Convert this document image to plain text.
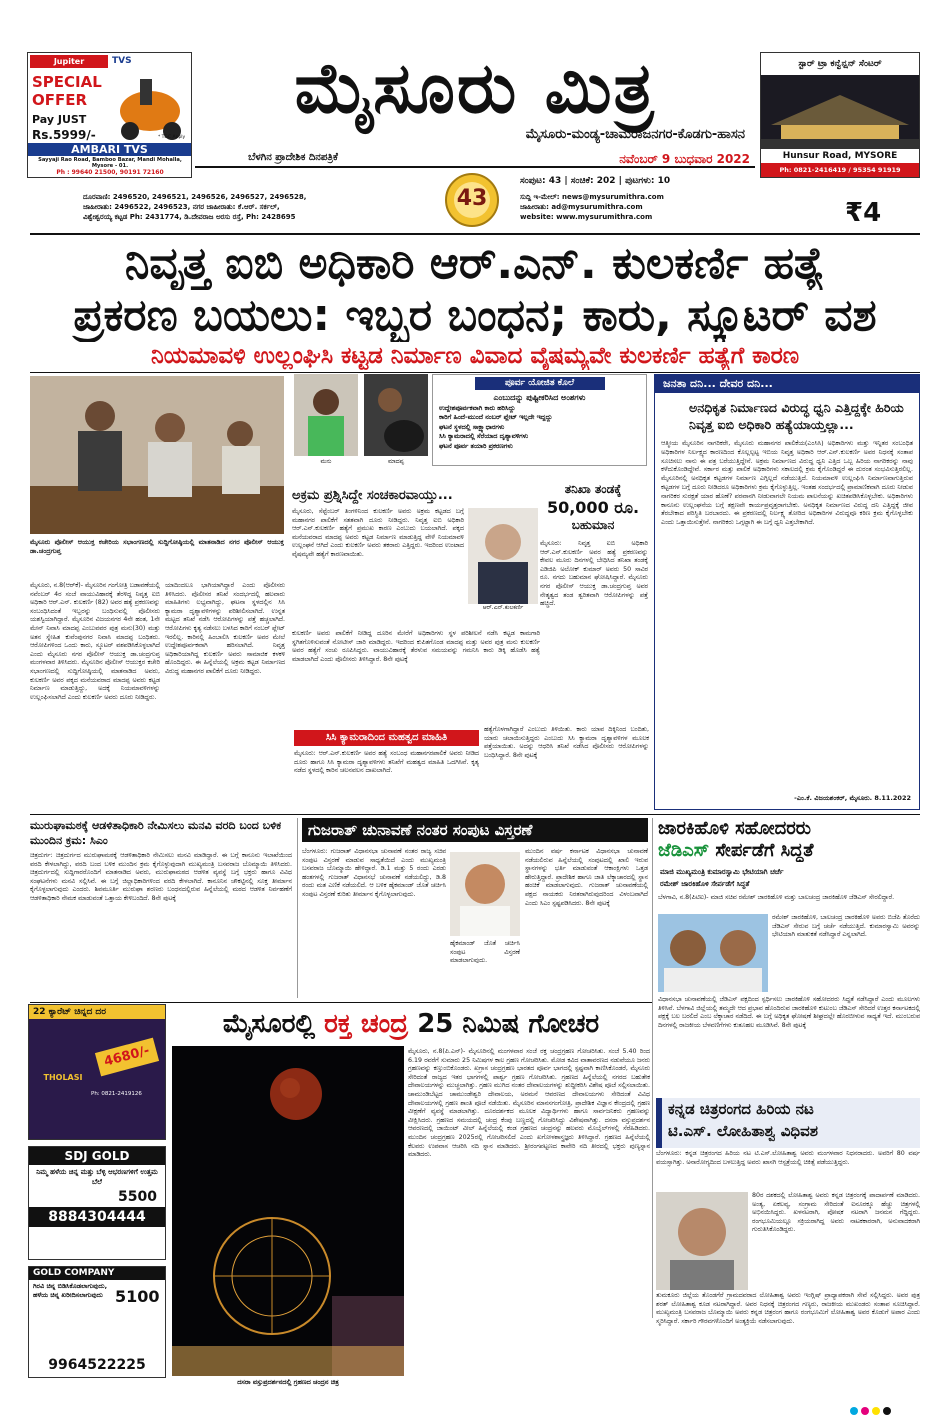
Jupiter	TVS
SPECIAL
OFFER
Pay JUST
Rs.5999/-	* T&C Apply
AMBARI TVS
Sayyaji Rao Road, Bamboo Bazar, Mandi Mohalla, Mysore - 01.
Ph : 99640 21500, 90191 72160
ಸ್ಟಾರ್ ಟ್ರಾ ಕನ್ವೆನ್ಷನ್ ಸೆಂಟರ್
Hunsur Road, MYSORE
Ph: 0821-2416419 / 95354 91919
ಮೈಸೂರು ಮಿತ್ರ
ಮೈಸೂರು-ಮಂಡ್ಯ-ಚಾಮರಾಜನಗರ-ಕೊಡಗು-ಹಾಸನ
ಬೆಳಗಿನ ಪ್ರಾದೇಶಿಕ ದಿನಪತ್ರಿಕೆ	ನವೆಂಬರ್ 9 ಬುಧವಾರ 2022
43
ದೂರವಾಣಿ: 2496520, 2496521, 2496526, 2496527, 2496528,
ಜಾಹೀರಾತು: 2496522, 2496523, ನಗರ ಜಾಹೀರಾತು: ಕೆ.ಆರ್. ಸರ್ಕಲ್,
ವಿಶ್ವೇಶ್ವರಯ್ಯ ಕಟ್ಟಡ Ph: 2431774, ಡಿ.ದೇವರಾಜ ಅರಸು ರಸ್ತೆ, Ph: 2428695
ಸಂಪುಟ: 43 | ಸಂಚಿಕೆ: 202 | ಪುಟಗಳು: 10
ಸುದ್ದಿ ಇ-ಮೇಲ್: news@mysurumithra.com
ಜಾಹೀರಾತು: ad@mysurumithra.com
website: www.mysurumithra.com	₹4
ನಿವೃತ್ತ ಐಬಿ ಅಧಿಕಾರಿ ಆರ್.ಎನ್. ಕುಲಕರ್ಣಿ ಹತ್ಯೆ
ಪ್ರಕರಣ ಬಯಲು: ಇಬ್ಬರ ಬಂಧನ; ಕಾರು, ಸ್ಕೂಟರ್ ವಶ
ನಿಯಮಾವಳಿ ಉಲ್ಲಂಘಿಸಿ ಕಟ್ಟಡ ನಿರ್ಮಾಣ ವಿವಾದ ವೈಷಮ್ಯವೇ ಕುಲಕರ್ಣಿ ಹತ್ಯೆಗೆ ಕಾರಣ
ಮೈಸೂರು ಪೊಲೀಸ್ ಆಯುಕ್ತ ಕಚೇರಿಯ ಸಭಾಂಗಣದಲ್ಲಿ ಸುದ್ದಿಗೋಷ್ಠಿಯಲ್ಲಿ ಮಾತನಾಡಿದ ನಗರ ಪೊಲೀಸ್ ಆಯುಕ್ತ ಡಾ.ಚಂದ್ರಗುಪ್ತ
ಮನು	ಮಾದಪ್ಪ
ಪೂರ್ವ ಯೋಜಿತ ಕೊಲೆ
ಎಂಬುದನ್ನು ಪುಷ್ಟೀಕರಿಸಿದ ಅಂಶಗಳು
ಉದ್ದೇಶಪೂರ್ವಕವಾಗಿ ಕಾರು ಹರಿಸಿದ್ದು
ಕಾರಿಗೆ ಹಿಂದೆ-ಮುಂದೆ ನಂಬರ್ ಪ್ಲೇಟ್ ಇಲ್ಲದೇ ಇದ್ದದ್ದು
ಘಟನೆ ಸ್ಥಳದಲ್ಲಿ ಸಾಕ್ಷ್ಯಾಧಾರಗಳು
ಸಿಸಿ ಕ್ಯಾಮರಾದಲ್ಲಿ ಸೆರೆಯಾದ ದೃಶ್ಯಾವಳಿಗಳು
ಘಟನೆ ಪೂರ್ವ ತಯಾರಿ ಪ್ರಕರಣಗಳು
ಅಕ್ರಮ ಪ್ರಶ್ನಿಸಿದ್ದೇ ಸಂಚಕಾರವಾಯ್ತು...	ತನಿಖಾ ತಂಡಕ್ಕೆ
50,000 ರೂ.
ಬಹುಮಾನ
ಆರ್.ಎನ್.ಕುಲಕರ್ಣಿ
ಮೈಸೂರು, ನ.8(ಆರ್‌ಕೆ)- ಮೈಸೂರಿನ ಗಂಗೋತ್ರಿ ಬಡಾವಣೆಯಲ್ಲಿ ನವೆಂಬರ್ 4ರ ಸಂಜೆ ವಾಯುವಿಹಾರಕ್ಕೆ ತೆರಳಿದ್ದ ನಿವೃತ್ತ ಐಬಿ ಅಧಿಕಾರಿ ಆರ್.ಎನ್. ಕುಲಕರ್ಣಿ (82) ಅವರ ಹತ್ಯೆ ಪ್ರಕರಣವನ್ನು ಸಂಬಂಧಿಸಿದಂತೆ ಇಬ್ಬರನ್ನು ಬಂಧಿಸುವಲ್ಲಿ ಪೊಲೀಸರು ಯಶಸ್ವಿಯಾಗಿದ್ದಾರೆ. ಮೈಸೂರಿನ ವಿಜಯನಗರ 4ನೇ ಹಂತ, 1ನೇ ಮೇನ್ ನಿವಾಸಿ ಮಾದಪ್ಪ ಎಂಬುವವರ ಪುತ್ರ ಮನು(30) ಮತ್ತು ಅತನ ಸ್ನೇಹಿತ ಕುವೆಂಪುನಗರ ನಿವಾಸಿ ಮಾದಪ್ಪ ಬಂಧಿತರು. ಆರೋಪಿಗಳಿಂದ ಒಂದು ಕಾರು, ಸ್ಕೂಟರ್ ವಶಪಡಿಸಿಕೊಳ್ಳಲಾಗಿದೆ ಎಂದು ಮೈಸೂರು ನಗರ ಪೊಲೀಸ್ ಆಯುಕ್ತ ಡಾ.ಚಂದ್ರಗುಪ್ತ ಮಂಗಳವಾರ ತಿಳಿಸಿದರು. ಮೈಸೂರಿನ ಪೊಲೀಸ್ ಆಯುಕ್ತರ ಕಚೇರಿ ಸಭಾಂಗಣದಲ್ಲಿ ಸುದ್ದಿಗೋಷ್ಠಿಯಲ್ಲಿ ಮಾತನಾಡಿದ ಅವರು, ಕುಲಕರ್ಣಿ ಅವರ ಪಕ್ಕದ ಮನೆಯವರಾದ ಮಾದಪ್ಪ ಅವರು ಕಟ್ಟಡ ನಿರ್ಮಾಣ ಮಾಡುತ್ತಿದ್ದು, ಅದಕ್ಕೆ ನಿಯಮಾವಳಿಗಳನ್ನು ಉಲ್ಲಂಘಿಸಲಾಗಿದೆ ಎಂದು ಕುಲಕರ್ಣಿ ಅವರು ದೂರು ನೀಡಿದ್ದರು.
ಯಾದಿಂದಲೂ ಭಾಗಿಯಾಗಿದ್ದಾರೆ ಎಂದು ಪೊಲೀಸರು ತಿಳಿಸಿದರು. ಪೊಲೀಸರ ತನಿಖೆ ಸಂದರ್ಭದಲ್ಲಿ ಹಲವಾರು ಮಾಹಿತಿಗಳು ಲಭ್ಯವಾಗಿದ್ದು, ಘಟನಾ ಸ್ಥಳದಲ್ಲಿನ ಸಿಸಿ ಕ್ಯಾಮರಾ ದೃಶ್ಯಾವಳಿಗಳನ್ನು ಪರಿಶೀಲಿಸಲಾಗಿದೆ. ಉನ್ನತ ಮಟ್ಟದ ತನಿಖೆ ನಡೆಸಿ ಆರೋಪಿಗಳನ್ನು ಪತ್ತೆ ಹಚ್ಚಲಾಗಿದೆ. ಆರೋಪಿಗಳು ಕೃತ್ಯ ನಡೆಸಲು ಬಳಸಿದ ಕಾರಿಗೆ ನಂಬರ್ ಪ್ಲೇಟ್ ಇರಲಿಲ್ಲ. ಕಾರಿನಲ್ಲಿ ಹಿಂಬಾಲಿಸಿ ಕುಲಕರ್ಣಿ ಅವರ ಮೇಲೆ ಉದ್ದೇಶಪೂರ್ವಕವಾಗಿ ಹರಿಸಲಾಗಿದೆ. ನಿವೃತ್ತ ಅಧಿಕಾರಿಯಾಗಿದ್ದ ಕುಲಕರ್ಣಿ ಅವರು ಸಾಮಾಜಿಕ ಕಳಕಳಿ ಹೊಂದಿದ್ದರು. ಈ ಹಿನ್ನೆಲೆಯಲ್ಲಿ ಅಕ್ರಮ ಕಟ್ಟಡ ನಿರ್ಮಾಣದ ವಿರುದ್ಧ ಮಹಾನಗರ ಪಾಲಿಕೆಗೆ ದೂರು ನೀಡಿದ್ದರು.
ಮೈಸೂರು, ಸೆಪ್ಟೆಂಬರ್ ತಿಂಗಳಿನಿಂದ ಕುಲಕರ್ಣಿ ಅವರು ಅಕ್ರಮ ಕಟ್ಟಡದ ಬಗ್ಗೆ ಮಹಾನಗರ ಪಾಲಿಕೆಗೆ ಸತತವಾಗಿ ದೂರು ನೀಡಿದ್ದರು. ನಿವೃತ್ತ ಐಬಿ ಅಧಿಕಾರಿ ಆರ್.ಎನ್.ಕುಲಕರ್ಣಿ ಹತ್ಯೆಗೆ ಪ್ರಮುಖ ಕಾರಣ ಎಂಬುದು ಬಯಲಾಗಿದೆ. ಪಕ್ಕದ ಮನೆಯವರಾದ ಮಾದಪ್ಪ ಅವರು ಕಟ್ಟಡ ನಿರ್ಮಾಣ ಮಾಡುತ್ತಿದ್ದ ವೇಳೆ ನಿಯಮಾವಳಿ ಉಲ್ಲಂಘನೆ ಆಗಿದೆ ಎಂದು ಕುಲಕರ್ಣಿ ಅವರು ತಕರಾರು ಎತ್ತಿದ್ದರು. ಇದರಿಂದ ಉಂಟಾದ ವೈಷಮ್ಯವೇ ಹತ್ಯೆಗೆ ಕಾರಣವಾಯಿತು.
ಮೈಸೂರು: ನಿವೃತ್ತ ಐಬಿ ಅಧಿಕಾರಿ ಆರ್.ಎನ್.ಕುಲಕರ್ಣಿ ಅವರ ಹತ್ಯೆ ಪ್ರಕರಣವನ್ನು ಕೇವಲ ಮೂರು ದಿನಗಳಲ್ಲಿ ಬೇಧಿಸಿದ ತನಿಖಾ ತಂಡಕ್ಕೆ ಎಡಿಜಿಪಿ ಅಲೋಕ್ ಕುಮಾರ್ ಅವರು 50 ಸಾವಿರ ರೂ. ನಗದು ಬಹುಮಾನ ಘೋಷಿಸಿದ್ದಾರೆ. ಮೈಸೂರು ನಗರ ಪೊಲೀಸ್ ಆಯುಕ್ತ ಡಾ.ಚಂದ್ರಗುಪ್ತ ಅವರ ನೇತೃತ್ವದ ತಂಡ ತ್ವರಿತವಾಗಿ ಆರೋಪಿಗಳನ್ನು ಪತ್ತೆ ಹಚ್ಚಿದೆ.
ಕುಲಕರ್ಣಿ ಅವರು ಪಾಲಿಕೆಗೆ ನೀಡಿದ್ದ ದೂರಿನ ಮೇರೆಗೆ ಅಧಿಕಾರಿಗಳು ಸ್ಥಳ ಪರಿಶೀಲನೆ ನಡೆಸಿ ಕಟ್ಟಡ ಕಾಮಗಾರಿ ಸ್ಥಗಿತಗೊಳಿಸುವಂತೆ ನೋಟೀಸ್ ಜಾರಿ ಮಾಡಿದ್ದರು. ಇದರಿಂದ ಕುಪಿತಗೊಂಡ ಮಾದಪ್ಪ ಮತ್ತು ಅವರ ಪುತ್ರ ಮನು ಕುಲಕರ್ಣಿ ಅವರ ಹತ್ಯೆಗೆ ಸಂಚು ರೂಪಿಸಿದ್ದರು. ವಾಯುವಿಹಾರಕ್ಕೆ ತೆರಳುವ ಸಮಯವನ್ನು ಗಮನಿಸಿ ಕಾರು ಡಿಕ್ಕಿ ಹೊಡೆಸಿ ಹತ್ಯೆ ಮಾಡಲಾಗಿದೆ ಎಂದು ಪೊಲೀಸರು ತಿಳಿಸಿದ್ದಾರೆ. 8ನೇ ಪುಟಕ್ಕೆ
ಸಿಸಿ ಕ್ಯಾಮರಾದಿಂದ ಮಹತ್ವದ ಮಾಹಿತಿ
ಮೈಸೂರು: ಆರ್.ಎನ್.ಕುಲಕರ್ಣಿ ಅವರ ಹತ್ಯೆ ಸಂಬಂಧ ಮಹಾನಗರಪಾಲಿಕೆ ಅವರು ನೀಡಿದ ದೂರು ಹಾಗೂ ಸಿಸಿ ಕ್ಯಾಮರಾ ದೃಶ್ಯಾವಳಿಗಳು ತನಿಖೆಗೆ ಮಹತ್ವದ ಮಾಹಿತಿ ಒದಗಿಸಿವೆ. ಕೃತ್ಯ ನಡೆದ ಸ್ಥಳದಲ್ಲಿ ಕಾರಿನ ಚಲನವಲನ ದಾಖಲಾಗಿದೆ.
ಹತ್ಯೆಗೊಳಗಾಗಿದ್ದಾರೆ ಎಂಬುದು ತಿಳಿಯಿತು. ಕಾರು ಯಾವ ದಿಕ್ಕಿನಿಂದ ಬಂದಿತು, ಯಾರು ಚಲಾಯಿಸುತ್ತಿದ್ದರು ಎಂಬುದು ಸಿಸಿ ಕ್ಯಾಮರಾ ದೃಶ್ಯಾವಳಿಗಳ ಮೂಲಕ ಪತ್ತೆಯಾಯಿತು. ಅದನ್ನು ಆಧರಿಸಿ ತನಿಖೆ ನಡೆಸಿದ ಪೊಲೀಸರು ಆರೋಪಿಗಳನ್ನು ಬಂಧಿಸಿದ್ದಾರೆ. 8ನೇ ಪುಟಕ್ಕೆ
ಜನತಾ ದನಿ... ದೇವರ ದನಿ...
ಅನಧಿಕೃತ ನಿರ್ಮಾಣದ ವಿರುದ್ಧ ಧ್ವನಿ ಎತ್ತಿದ್ದಕ್ಕೇ ಹಿರಿಯ ನಿವೃತ್ತ ಐಬಿ ಅಧಿಕಾರಿ ಹತ್ಯೆಯಾಯ್ತಲ್ಲಾ...
ಆತ್ಮೀಯ ಮೈಸೂರಿನ ನಾಗರಿಕರೇ, ಮೈಸೂರು ಮಹಾನಗರ ಪಾಲಿಕೆಯ(ಎಂಸಿಸಿ) ಅಧಿಕಾರಿಗಳು ಮತ್ತು ಇನ್ನಿತರ ಸಂಬಂಧಿತ ಅಧಿಕಾರಿಗಳ ನಿರ್ಲಕ್ಷ್ಯದ ಕಾರಣದಿಂದ ಕೊಲ್ಲಲ್ಪಟ್ಟ ಇಬಿಯ ನಿವೃತ್ತ ಅಧಿಕಾರಿ ಆರ್.ಎನ್.ಕುಲಕರ್ಣಿ ಅವರ ನಿಧನಕ್ಕೆ ಸಂತಾಪ ಸೂಚಿಸಲು ನಾನು ಈ ಪತ್ರ ಬರೆಯುತ್ತಿದ್ದೇನೆ. ಅಕ್ರಮ ನಿರ್ಮಾಣದ ವಿರುದ್ಧ ಧ್ವನಿ ಎತ್ತಿದ ಒಬ್ಬ ಹಿರಿಯ ನಾಗರಿಕರನ್ನು ನಾವು ಕಳೆದುಕೊಂಡಿದ್ದೇವೆ. ಸರ್ಕಾರ ಮತ್ತು ಪಾಲಿಕೆ ಅಧಿಕಾರಿಗಳು ಸಕಾಲದಲ್ಲಿ ಕ್ರಮ ಕೈಗೊಂಡಿದ್ದರೆ ಈ ದುರಂತ ಸಂಭವಿಸುತ್ತಿರಲಿಲ್ಲ. ಮೈಸೂರಿನಲ್ಲಿ ಅನಧಿಕೃತ ಕಟ್ಟಡಗಳ ನಿರ್ಮಾಣ ಎಗ್ಗಿಲ್ಲದೆ ನಡೆಯುತ್ತಿದೆ. ನಿಯಮಾವಳಿ ಉಲ್ಲಂಘಿಸಿ ನಿರ್ಮಾಣವಾಗುತ್ತಿರುವ ಕಟ್ಟಡಗಳ ಬಗ್ಗೆ ದೂರು ನೀಡಿದರೂ ಅಧಿಕಾರಿಗಳು ಕ್ರಮ ಕೈಗೊಳ್ಳುತ್ತಿಲ್ಲ. ಇಂತಹ ಸಂದರ್ಭದಲ್ಲಿ ಪ್ರಾಮಾಣಿಕವಾಗಿ ದೂರು ನೀಡುವ ನಾಗರಿಕರ ಸುರಕ್ಷತೆ ಯಾರ ಹೊಣೆ? ಪರವಾನಗಿ ನೀಡುವಾಗಲೇ ನಿಯಮ ಪಾಲನೆಯನ್ನು ಖಚಿತಪಡಿಸಿಕೊಳ್ಳಬೇಕು. ಅಧಿಕಾರಿಗಳು ಕಾನೂನು ಉಲ್ಲಂಘನೆಯ ಬಗ್ಗೆ ತಕ್ಷಣವೇ ಕಾರ್ಯಪ್ರವೃತ್ತರಾಗಬೇಕು. ಅನಧಿಕೃತ ನಿರ್ಮಾಣದ ವಿರುದ್ಧ ದನಿ ಎತ್ತಿದ್ದಕ್ಕೆ ಜೀವ ತೆರಬೇಕಾದ ಪರಿಸ್ಥಿತಿ ಬರಬಾರದು. ಈ ಪ್ರಕರಣದಲ್ಲಿ ನಿರ್ಲಕ್ಷ್ಯ ತೋರಿದ ಅಧಿಕಾರಿಗಳ ವಿರುದ್ಧವೂ ಕಠಿಣ ಕ್ರಮ ಕೈಗೊಳ್ಳಬೇಕು ಎಂದು ಒತ್ತಾಯಿಸುತ್ತೇನೆ. ನಾಗರಿಕರು ಒಗ್ಗಟ್ಟಾಗಿ ಈ ಬಗ್ಗೆ ಧ್ವನಿ ಎತ್ತಬೇಕಾಗಿದೆ.
-ಎಂ.ಕೆ. ವಿಜಯಶಂಕರ್, ಮೈಸೂರು. 8.11.2022
ಮುರುಘಾಮಠಕ್ಕೆ ಆಡಳಿತಾಧಿಕಾರಿ ನೇಮಿಸಲು ಮನವಿ ವರದಿ ಬಂದ ಬಳಿಕ ಮುಂದಿನ ಕ್ರಮ: ಸಿಎಂ
ಚಿತ್ರದುರ್ಗ: ಚಿತ್ರದುರ್ಗದ ಮುರುಘಾಮಠಕ್ಕೆ ಆಡಳಿತಾಧಿಕಾರಿ ನೇಮಿಸಲು ಮನವಿ ಮಾಡಿದ್ದಾರೆ. ಈ ಬಗ್ಗೆ ಕಾನೂನು ಇಲಾಖೆಯಿಂದ ವರದಿ ಕೇಳಲಾಗಿದ್ದು, ವರದಿ ಬಂದ ಬಳಿಕ ಮುಂದಿನ ಕ್ರಮ ಕೈಗೊಳ್ಳುವುದಾಗಿ ಮುಖ್ಯಮಂತ್ರಿ ಬಸವರಾಜ ಬೊಮ್ಮಾಯಿ ತಿಳಿಸಿದರು. ಚಿತ್ರದುರ್ಗದಲ್ಲಿ ಸುದ್ದಿಗಾರರೊಂದಿಗೆ ಮಾತನಾಡಿದ ಅವರು, ಮುರುಘಾಮಠದ ಆಡಳಿತ ವ್ಯವಸ್ಥೆ ಬಗ್ಗೆ ಭಕ್ತರು ಹಾಗೂ ವಿವಿಧ ಸಂಘಟನೆಗಳು ಮನವಿ ಸಲ್ಲಿಸಿವೆ. ಈ ಬಗ್ಗೆ ಜಿಲ್ಲಾಧಿಕಾರಿಗಳಿಂದ ವರದಿ ಕೇಳಲಾಗಿದೆ. ಕಾನೂನಿನ ಚೌಕಟ್ಟಿನಲ್ಲಿ ಸೂಕ್ತ ತೀರ್ಮಾನ ಕೈಗೊಳ್ಳಲಾಗುವುದು ಎಂದರು. ಶಿವಮೂರ್ತಿ ಮುರುಘಾ ಶರಣರು ಬಂಧನದಲ್ಲಿರುವ ಹಿನ್ನೆಲೆಯಲ್ಲಿ ಮಠದ ಆಡಳಿತ ನಿರ್ವಹಣೆಗೆ ಆಡಳಿತಾಧಿಕಾರಿ ನೇಮಕ ಮಾಡುವಂತೆ ಒತ್ತಾಯ ಕೇಳಿಬಂದಿದೆ. 8ನೇ ಪುಟಕ್ಕೆ
ಗುಜರಾತ್ ಚುನಾವಣೆ ನಂತರ ಸಂಪುಟ ವಿಸ್ತರಣೆ
ಬೆಂಗಳೂರು: ಗುಜರಾತ್ ವಿಧಾನಸಭಾ ಚುನಾವಣೆ ನಂತರ ರಾಜ್ಯ ಸಚಿವ ಸಂಪುಟ ವಿಸ್ತರಣೆ ಮಾಡುವ ಸಾಧ್ಯತೆಯಿದೆ ಎಂದು ಮುಖ್ಯಮಂತ್ರಿ ಬಸವರಾಜ ಬೊಮ್ಮಾಯಿ ಹೇಳಿದ್ದಾರೆ. ಡಿ.1 ಮತ್ತು 5 ರಂದು ಎರಡು ಹಂತಗಳಲ್ಲಿ ಗುಜರಾತ್ ವಿಧಾನಸಭೆ ಚುನಾವಣೆ ನಡೆಯಲಿದ್ದು, ಡಿ.8 ರಂದು ಮತ ಎಣಿಕೆ ನಡೆಯಲಿದೆ. ಆ ಬಳಿಕ ಹೈಕಮಾಂಡ್ ಜೊತೆ ಚರ್ಚಿಸಿ ಸಂಪುಟ ವಿಸ್ತರಣೆ ಕುರಿತು ತೀರ್ಮಾನ ಕೈಗೊಳ್ಳಲಾಗುವುದು.
ಹೈಕಮಾಂಡ್ ಜೊತೆ ಚರ್ಚಿಸಿ ಸಂಪುಟ ವಿಸ್ತರಣೆ ಮಾಡಲಾಗುವುದು.
ಮುಂದಿನ ವರ್ಷ ಕರ್ನಾಟಕ ವಿಧಾನಸಭಾ ಚುನಾವಣೆ ನಡೆಯಲಿರುವ ಹಿನ್ನೆಲೆಯಲ್ಲಿ ಸಂಪುಟದಲ್ಲಿ ಖಾಲಿ ಇರುವ ಸ್ಥಾನಗಳನ್ನು ಭರ್ತಿ ಮಾಡುವಂತೆ ಆಕಾಂಕ್ಷಿಗಳು ಒತ್ತಡ ಹೇರುತ್ತಿದ್ದಾರೆ. ಪ್ರಾದೇಶಿಕ ಹಾಗೂ ಜಾತಿ ಲೆಕ್ಕಾಚಾರದಲ್ಲಿ ಸ್ಥಾನ ಹಂಚಿಕೆ ಮಾಡಲಾಗುವುದು. ಗುಜರಾತ್ ಚುನಾವಣೆಯಲ್ಲಿ ಪಕ್ಷದ ನಾಯಕರು ನಿರತರಾಗಿರುವುದರಿಂದ ವಿಳಂಬವಾಗಿದೆ ಎಂದು ಸಿಎಂ ಸ್ಪಷ್ಟಪಡಿಸಿದರು. 8ನೇ ಪುಟಕ್ಕೆ
ಜಾರಕಿಹೊಳಿ ಸಹೋದರರು
ಜೆಡಿಎಸ್ ಸೇರ್ಪಡೆಗೆ ಸಿದ್ಧತೆ
ಮಾಜಿ ಮುಖ್ಯಮಂತ್ರಿ ಕುಮಾರಸ್ವಾಮಿ ಭೇಟಿಯಾಗಿ ಚರ್ಚೆ
ರಮೇಶ್ ಜಾರಕಿಹೊಳಿ ಸೇರ್ಪಡೆಗೆ ಸಿದ್ಧತೆ
ಬೆಳಗಾವಿ, ನ.8(ಪಿಟಿಐ)- ಮಾಜಿ ಸಚಿವ ರಮೇಶ್ ಜಾರಕಿಹೊಳಿ ಮತ್ತು ಬಾಲಚಂದ್ರ ಜಾರಕಿಹೊಳಿ ಜೆಡಿಎಸ್ ಸೇರಲಿದ್ದಾರೆ.
ರಮೇಶ್ ಜಾರಕಿಹೊಳಿ, ಬಾಲಚಂದ್ರ ಜಾರಕಿಹೊಳಿ ಅವರು ಬಿಜೆಪಿ ತೊರೆದು ಜೆಡಿಎಸ್ ಸೇರುವ ಬಗ್ಗೆ ಚರ್ಚೆ ನಡೆಯುತ್ತಿದೆ. ಕುಮಾರಸ್ವಾಮಿ ಅವರನ್ನು ಭೇಟಿಯಾಗಿ ಮಾತುಕತೆ ನಡೆಸಿದ್ದಾರೆ ಎನ್ನಲಾಗಿದೆ.
ವಿಧಾನಸಭಾ ಚುನಾವಣೆಯಲ್ಲಿ ಜೆಡಿಎಸ್ ಪಕ್ಷದಿಂದ ಸ್ಪರ್ಧಿಸಲು ಜಾರಕಿಹೊಳಿ ಸಹೋದರರು ಸಿದ್ಧತೆ ನಡೆಸಿದ್ದಾರೆ ಎಂದು ಮೂಲಗಳು ತಿಳಿಸಿವೆ. ಬೆಳಗಾವಿ ಜಿಲ್ಲೆಯಲ್ಲಿ ತಮ್ಮದೇ ಆದ ಪ್ರಭಾವ ಹೊಂದಿರುವ ಜಾರಕಿಹೊಳಿ ಕುಟುಂಬ ಜೆಡಿಎಸ್ ಸೇರಿದರೆ ಉತ್ತರ ಕರ್ನಾಟಕದಲ್ಲಿ ಪಕ್ಷಕ್ಕೆ ಬಲ ಬರಲಿದೆ ಎಂಬ ಲೆಕ್ಕಾಚಾರ ನಡೆದಿದೆ. ಈ ಬಗ್ಗೆ ಅಧಿಕೃತ ಘೋಷಣೆ ಶೀಘ್ರದಲ್ಲೇ ಹೊರಬೀಳುವ ಸಾಧ್ಯತೆ ಇದೆ. ಮುಂಬರುವ ದಿನಗಳಲ್ಲಿ ರಾಜಕೀಯ ಬೆಳವಣಿಗೆಗಳು ಕುತೂಹಲ ಮೂಡಿಸಿವೆ. 8ನೇ ಪುಟಕ್ಕೆ
22 ಕ್ಯಾರೆಟ್ ಚಿನ್ನದ ದರ
THOLASI
4680/-
Ph: 0821-2419126
SDJ GOLD
ನಿಮ್ಮ ಹಳೆಯ ಚಿನ್ನ ಮತ್ತು ಬೆಳ್ಳಿ ಆಭರಣಗಳಿಗೆ ಉತ್ತಮ ಬೆಲೆ
5500
8884304444
GOLD COMPANY
ಗಿರವಿ ಚಿನ್ನ ಬಿಡಿಸಿಕೊಡಲಾಗುವುದು, ಹಳೆಯ ಚಿನ್ನ ಖರೀದಿಸಲಾಗುವುದು 5100
9964522225
ಮೈಸೂರಲ್ಲಿ ರಕ್ತ ಚಂದ್ರ 25 ನಿಮಿಷ ಗೋಚರ
ದಸರಾ ವಸ್ತುಪ್ರದರ್ಶನದಲ್ಲಿ ಗ್ರಹಣದ ಚಂದ್ರನ ಚಿತ್ರ
ಮೈಸೂರು, ನ.8(ಪಿ.ಎನ್)- ಮೈಸೂರಿನಲ್ಲಿ ಮಂಗಳವಾರ ಸಂಜೆ ರಕ್ತ ಚಂದ್ರಗ್ರಹಣ ಗೋಚರಿಸಿತು. ಸಂಜೆ 5.40 ರಿಂದ 6.19 ರವರೆಗೆ ಸುಮಾರು 25 ನಿಮಿಷಗಳ ಕಾಲ ಗ್ರಹಣ ಗೋಚರಿಸಿತು. ಮೋಡ ಕವಿದ ವಾತಾವರಣದ ನಡುವೆಯೂ ಜನರು ಗ್ರಹಣವನ್ನು ಕಣ್ತುಂಬಿಕೊಂಡರು. ಖಗ್ರಾಸ ಚಂದ್ರಗ್ರಹಣ ಭಾರತದ ಪೂರ್ವ ಭಾಗದಲ್ಲಿ ಸ್ಪಷ್ಟವಾಗಿ ಕಾಣಿಸಿಕೊಂಡರೆ, ಮೈಸೂರು ಸೇರಿದಂತೆ ರಾಜ್ಯದ ಇತರ ಭಾಗಗಳಲ್ಲಿ ಪಾರ್ಶ್ವ ಗ್ರಹಣ ಗೋಚರಿಸಿತು. ಗ್ರಹಣದ ಹಿನ್ನೆಲೆಯಲ್ಲಿ ನಗರದ ಬಹುತೇಕ ದೇವಾಲಯಗಳನ್ನು ಮುಚ್ಚಲಾಗಿತ್ತು. ಗ್ರಹಣ ಮುಗಿದ ನಂತರ ದೇವಾಲಯಗಳನ್ನು ಶುದ್ಧೀಕರಿಸಿ ವಿಶೇಷ ಪೂಜೆ ಸಲ್ಲಿಸಲಾಯಿತು. ಚಾಮುಂಡಿಬೆಟ್ಟದ ಚಾಮುಂಡೇಶ್ವರಿ ದೇವಾಲಯ, ಅರಮನೆ ಆವರಣದ ದೇವಾಲಯಗಳು ಸೇರಿದಂತೆ ವಿವಿಧ ದೇವಾಲಯಗಳಲ್ಲಿ ಗ್ರಹಣ ಶಾಂತಿ ಪೂಜೆ ನಡೆಯಿತು. ಮೈಸೂರಿನ ಮಾನಸಗಂಗೋತ್ರಿ, ಪ್ರಾದೇಶಿಕ ವಿಜ್ಞಾನ ಕೇಂದ್ರದಲ್ಲಿ ಗ್ರಹಣ ವೀಕ್ಷಣೆಗೆ ವ್ಯವಸ್ಥೆ ಮಾಡಲಾಗಿತ್ತು. ದೂರದರ್ಶಕದ ಮೂಲಕ ವಿದ್ಯಾರ್ಥಿಗಳು ಹಾಗೂ ಸಾರ್ವಜನಿಕರು ಗ್ರಹಣವನ್ನು ವೀಕ್ಷಿಸಿದರು. ಗ್ರಹಣದ ಸಮಯದಲ್ಲಿ ಚಂದ್ರ ಕೆಂಪು ಬಣ್ಣದಲ್ಲಿ ಗೋಚರಿಸಿದ್ದು ವಿಶೇಷವಾಗಿತ್ತು. ದಸರಾ ವಸ್ತುಪ್ರದರ್ಶನ ಆವರಣದಲ್ಲಿ ಜಾಯಿಂಟ್ ವೀಲ್ ಹಿನ್ನೆಲೆಯಲ್ಲಿ ಕಂಡ ಗ್ರಹಣದ ಚಂದ್ರನನ್ನು ಹಲವರು ಮೊಬೈಲ್‌ಗಳಲ್ಲಿ ಸೆರೆಹಿಡಿದರು. ಮುಂದಿನ ಚಂದ್ರಗ್ರಹಣ 2025ರಲ್ಲಿ ಗೋಚರಿಸಲಿದೆ ಎಂದು ಖಗೋಳಶಾಸ್ತ್ರಜ್ಞರು ತಿಳಿಸಿದ್ದಾರೆ. ಗ್ರಹಣದ ಹಿನ್ನೆಲೆಯಲ್ಲಿ ಕೆಲವರು ಉಪವಾಸ ಆಚರಿಸಿ ನದಿ ಸ್ನಾನ ಮಾಡಿದರು. ಶ್ರೀರಂಗಪಟ್ಟಣದ ಕಾವೇರಿ ನದಿ ತೀರದಲ್ಲಿ ಭಕ್ತರು ಪುಣ್ಯಸ್ನಾನ ಮಾಡಿದರು.
ಕನ್ನಡ ಚಿತ್ರರಂಗದ ಹಿರಿಯ ನಟ
ಟಿ.ಎಸ್. ಲೋಹಿತಾಶ್ವ ವಿಧಿವಶ
ಬೆಂಗಳೂರು: ಕನ್ನಡ ಚಿತ್ರರಂಗದ ಹಿರಿಯ ನಟ ಟಿ.ಎಸ್.ಲೋಹಿತಾಶ್ವ ಅವರು ಮಂಗಳವಾರ ನಿಧನರಾದರು. ಅವರಿಗೆ 80 ವರ್ಷ ವಯಸ್ಸಾಗಿತ್ತು. ಅನಾರೋಗ್ಯದಿಂದ ಬಳಲುತ್ತಿದ್ದ ಅವರು ಖಾಸಗಿ ಆಸ್ಪತ್ರೆಯಲ್ಲಿ ಚಿಕಿತ್ಸೆ ಪಡೆಯುತ್ತಿದ್ದರು.
80ರ ದಶಕದಲ್ಲಿ ಲೋಹಿತಾಶ್ವ ಅವರು ಕನ್ನಡ ಚಿತ್ರರಂಗಕ್ಕೆ ಪಾದಾರ್ಪಣೆ ಮಾಡಿದರು. ಅಂತ್ಯ, ಏಕಲವ್ಯ, ಸಂಗ್ರಾಮ ಸೇರಿದಂತೆ ಐನೂರಕ್ಕೂ ಹೆಚ್ಚು ಚಿತ್ರಗಳಲ್ಲಿ ಅಭಿನಯಿಸಿದ್ದರು. ಖಳನಟರಾಗಿ, ಪೋಷಕ ನಟರಾಗಿ ಜನಮನ ಗೆದ್ದಿದ್ದರು. ರಂಗಭೂಮಿಯಲ್ಲೂ ಸಕ್ರಿಯರಾಗಿದ್ದ ಅವರು ನಾಟಕಕಾರರಾಗಿ, ಅನುವಾದಕರಾಗಿ ಗುರುತಿಸಿಕೊಂಡಿದ್ದರು.
ತುಮಕೂರು ಜಿಲ್ಲೆಯ ತೊಂಡಗೆರೆ ಗ್ರಾಮದವರಾದ ಲೋಹಿತಾಶ್ವ ಅವರು ಇಂಗ್ಲಿಷ್ ಪ್ರಾಧ್ಯಾಪಕರಾಗಿ ಸೇವೆ ಸಲ್ಲಿಸಿದ್ದರು. ಅವರ ಪುತ್ರ ಶರತ್ ಲೋಹಿತಾಶ್ವ ಕೂಡ ನಟರಾಗಿದ್ದಾರೆ. ಅವರ ನಿಧನಕ್ಕೆ ಚಿತ್ರರಂಗದ ಗಣ್ಯರು, ರಾಜಕೀಯ ಮುಖಂಡರು ಸಂತಾಪ ಸೂಚಿಸಿದ್ದಾರೆ. ಮುಖ್ಯಮಂತ್ರಿ ಬಸವರಾಜ ಬೊಮ್ಮಾಯಿ ಅವರು ಕನ್ನಡ ಚಿತ್ರರಂಗ ಹಾಗೂ ರಂಗಭೂಮಿಗೆ ಲೋಹಿತಾಶ್ವ ಅವರ ಕೊಡುಗೆ ಅಪಾರ ಎಂದು ಸ್ಮರಿಸಿದ್ದಾರೆ. ಸರ್ಕಾರಿ ಗೌರವಗಳೊಂದಿಗೆ ಅಂತ್ಯಕ್ರಿಯೆ ನಡೆಸಲಾಗುವುದು.
